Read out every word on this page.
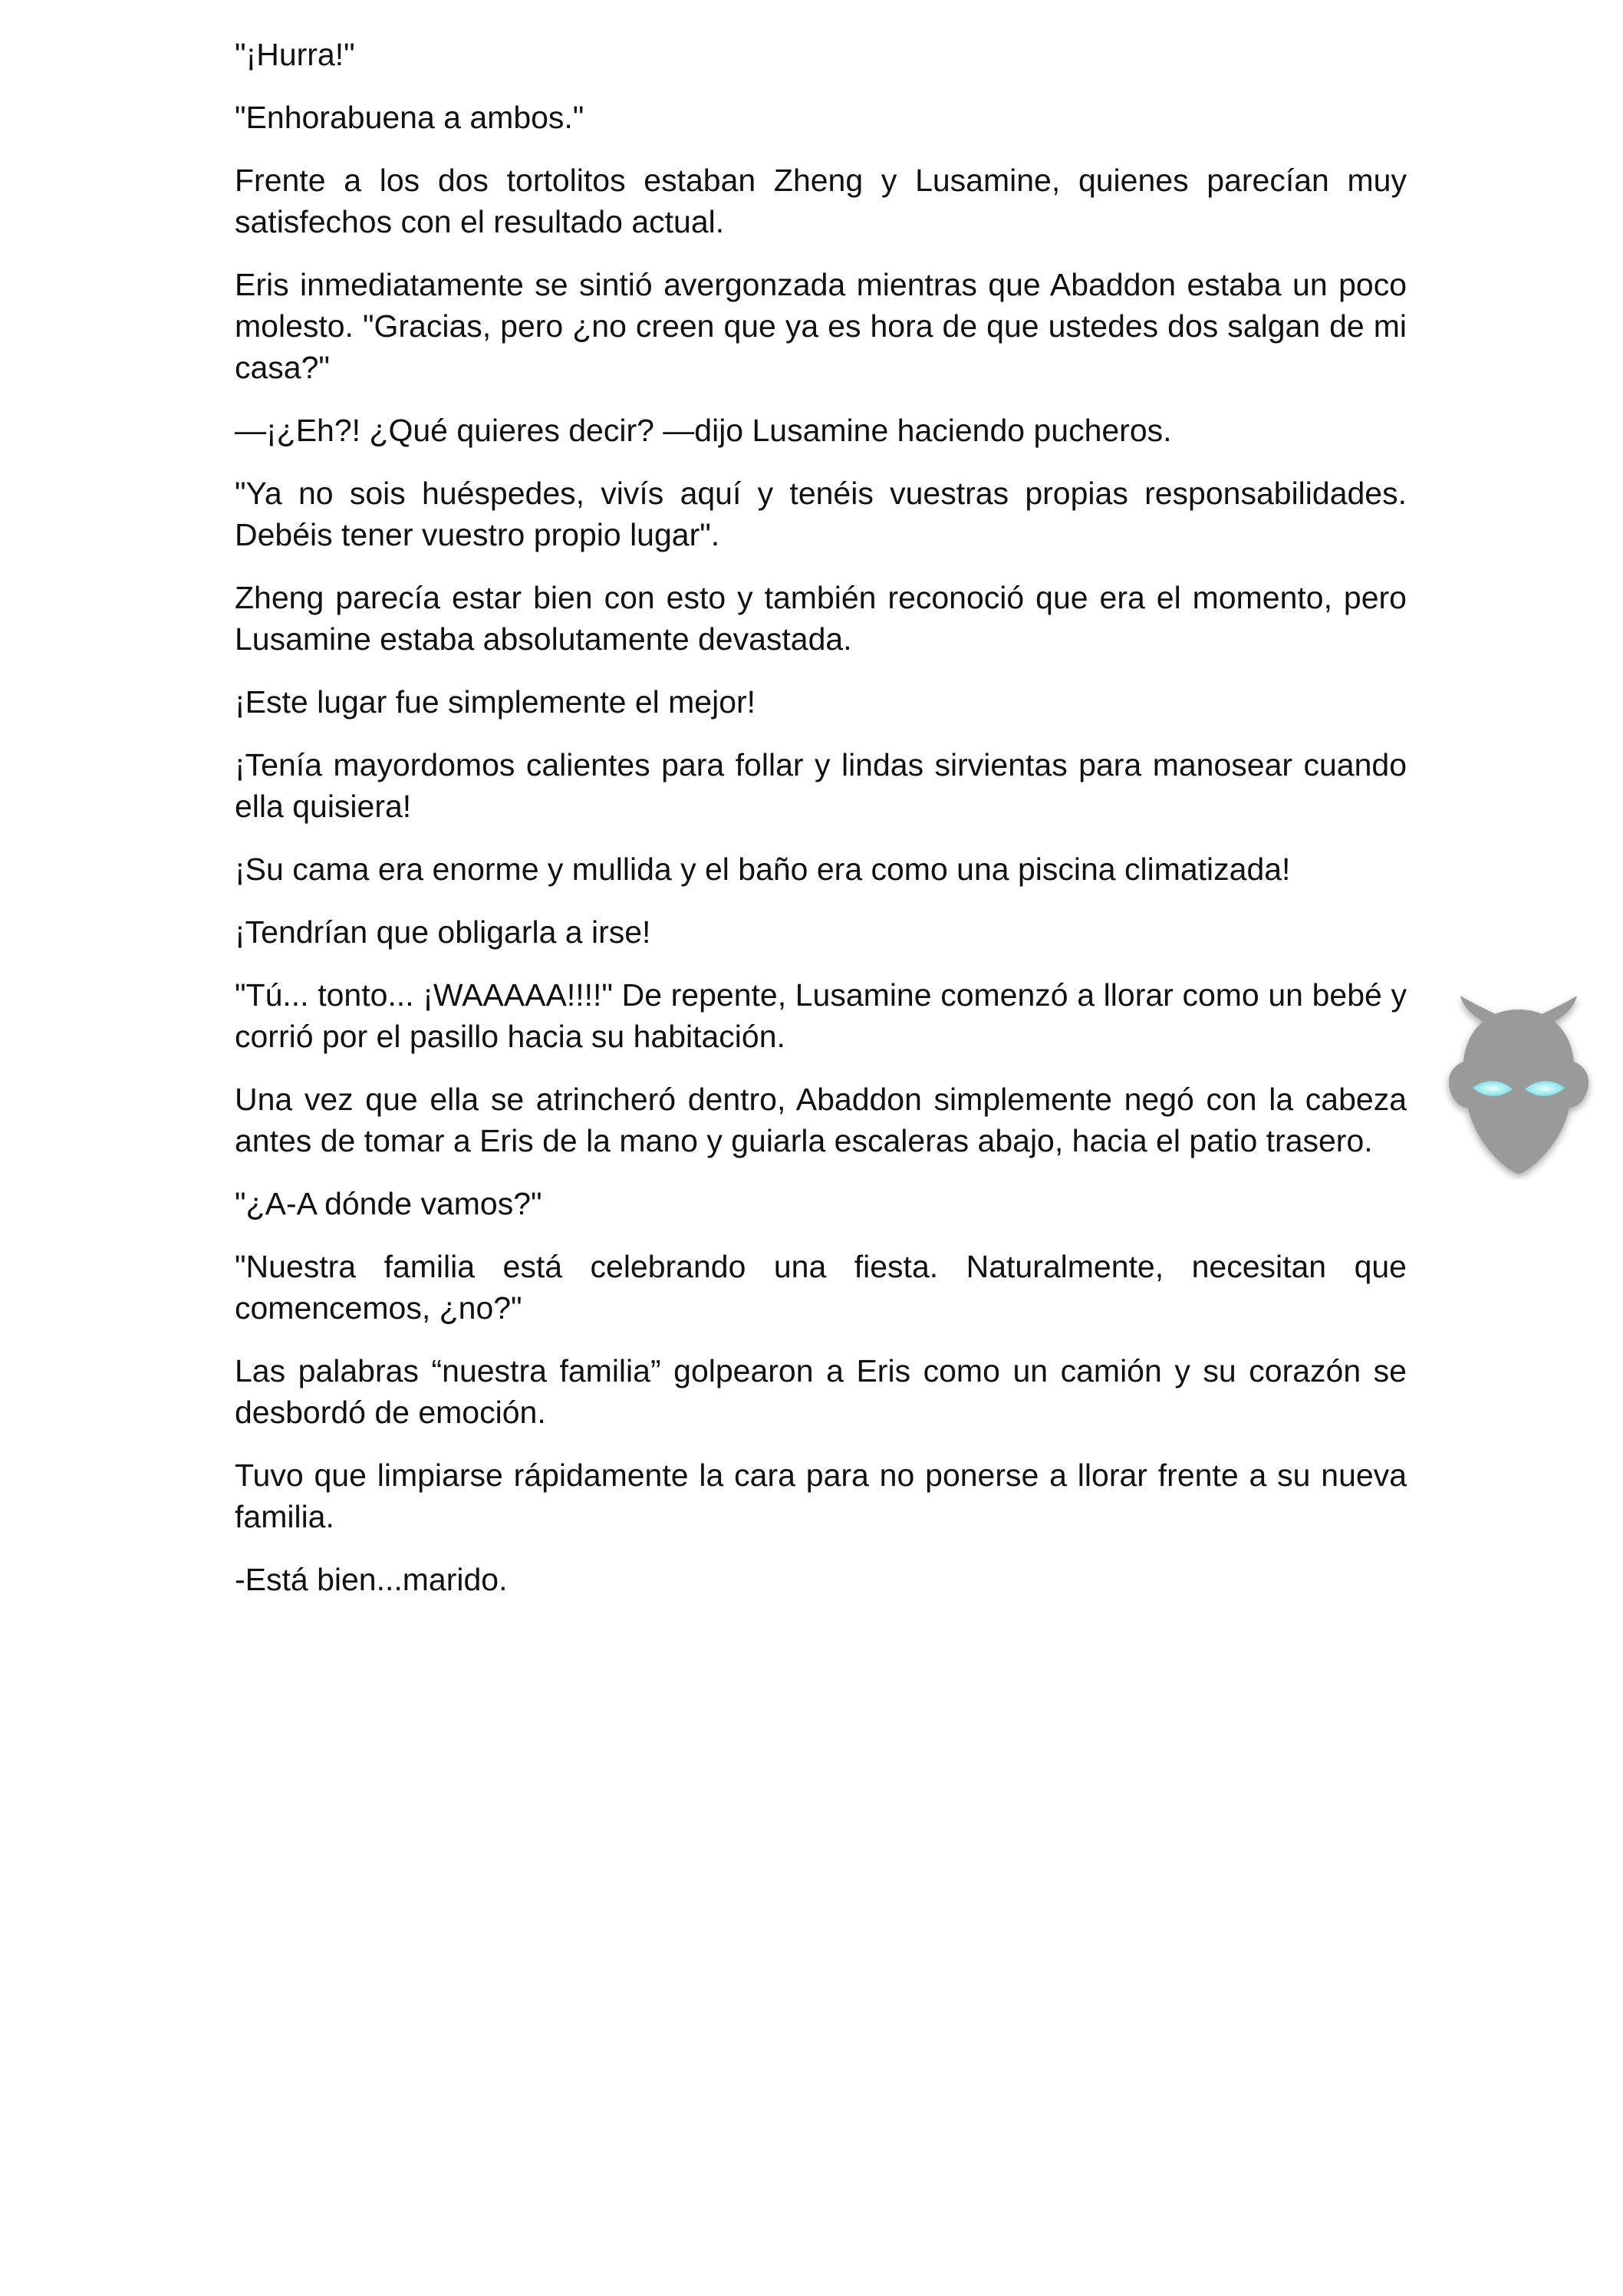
"¡Hurra!"

"Enhorabuena a ambos."

Frente a los dos tortolitos estaban Zheng y Lusamine, quienes parecían muy satisfechos con el resultado actual.

Eris inmediatamente se sintió avergonzada mientras que Abaddon estaba un poco molesto. "Gracias, pero ¿no creen que ya es hora de que ustedes dos salgan de mi casa?"

—¡¿Eh?! ¿Qué quieres decir? —dijo Lusamine haciendo pucheros.

"Ya no sois huéspedes, vivís aquí y tenéis vuestras propias responsabilidades. Debéis tener vuestro propio lugar".

Zheng parecía estar bien con esto y también reconoció que era el momento, pero Lusamine estaba absolutamente devastada.

¡Este lugar fue simplemente el mejor!

¡Tenía mayordomos calientes para follar y lindas sirvientas para manosear cuando ella quisiera!

¡Su cama era enorme y mullida y el baño era como una piscina climatizada!

¡Tendrían que obligarla a irse!

"Tú... tonto... ¡WAAAAA!!!!" De repente, Lusamine comenzó a llorar como un bebé y corrió por el pasillo hacia su habitación.

Una vez que ella se atrincheró dentro, Abaddon simplemente negó con la cabeza antes de tomar a Eris de la mano y guiarla escaleras abajo, hacia el patio trasero.

"¿A-A dónde vamos?"

"Nuestra familia está celebrando una fiesta. Naturalmente, necesitan que comencemos, ¿no?"

Las palabras “nuestra familia” golpearon a Eris como un camión y su corazón se desbordó de emoción.

Tuvo que limpiarse rápidamente la cara para no ponerse a llorar frente a su nueva familia.

-Está bien...marido.
